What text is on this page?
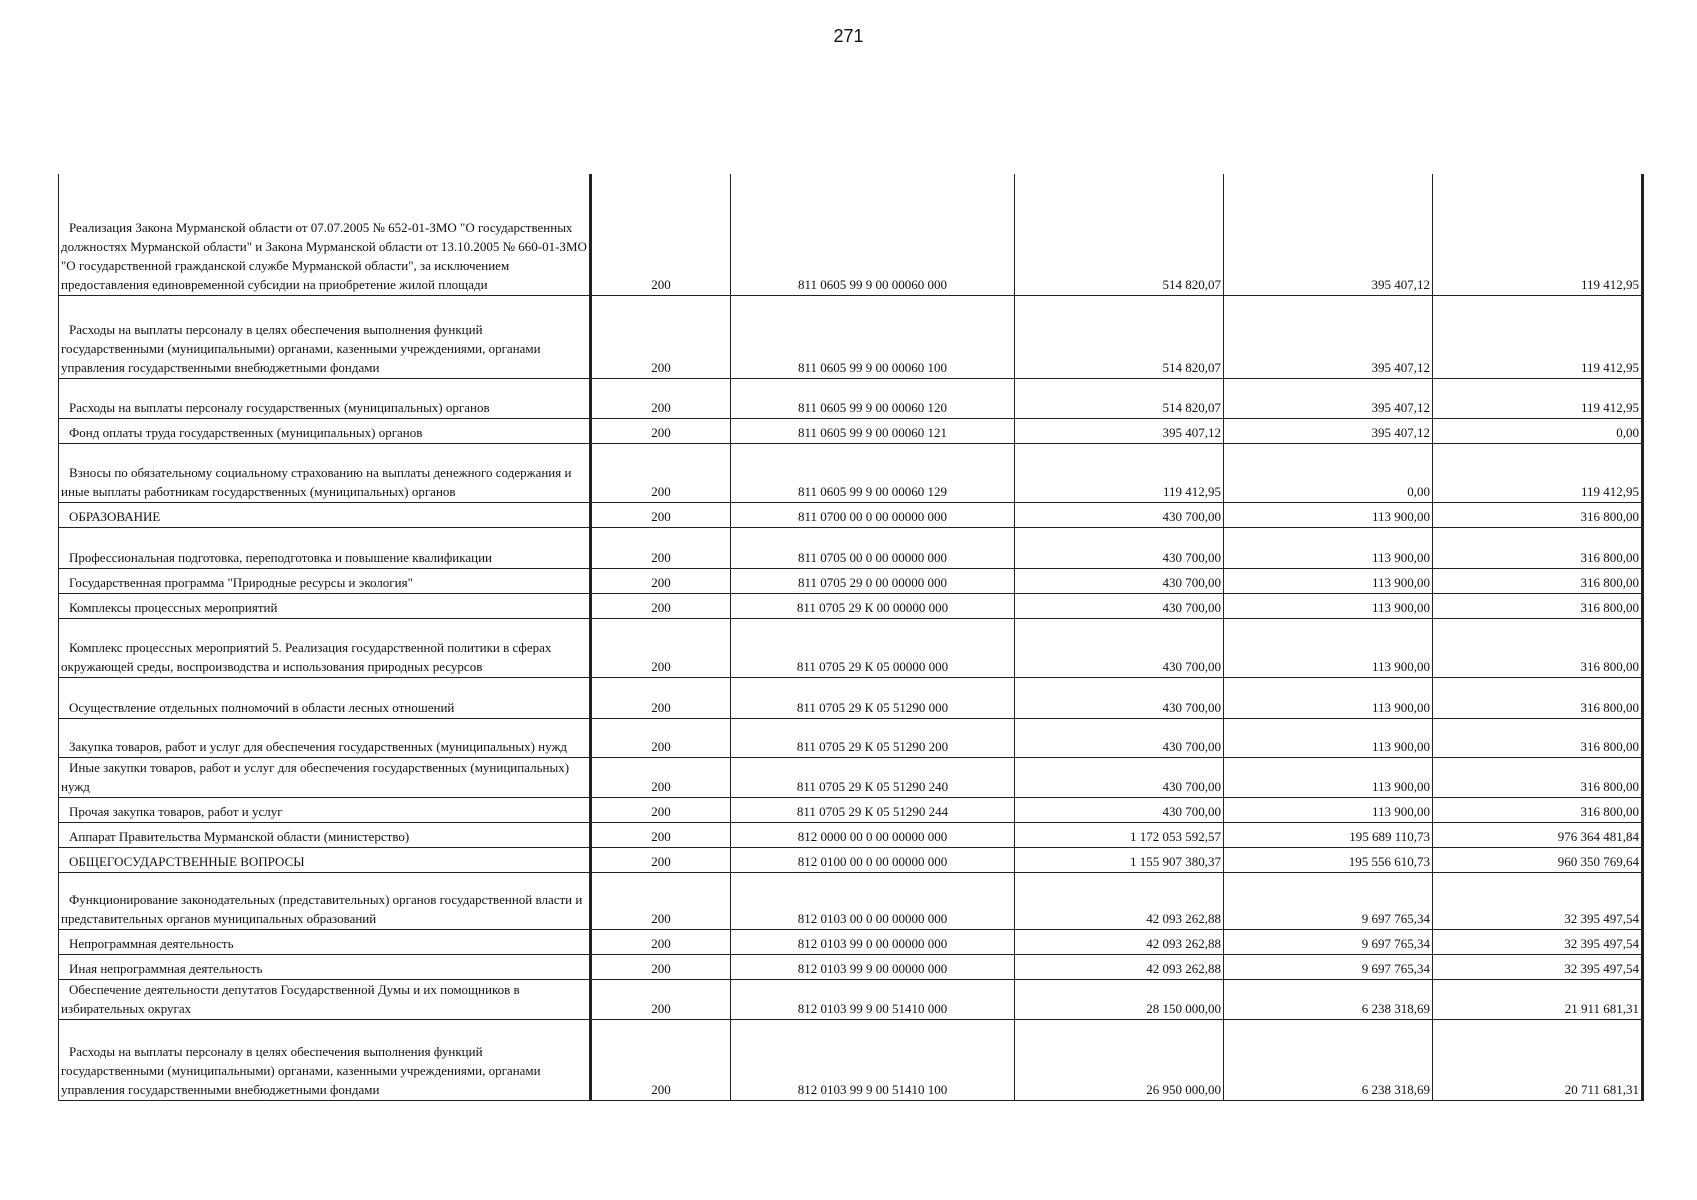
271
Реализация Закона Мурманской области от 07.07.2005 № 652-01-ЗМО "О государственных должностях Мурманской области" и Закона Мурманской области от 13.10.2005 № 660-01-ЗМО "О государственной гражданской службе Мурманской области", за исключением предоставления единовременной субсидии на приобретение жилой площади	200	811 0605 99 9 00 00060 000	514 820,07	395 407,12	119 412,95
Расходы на выплаты персоналу в целях обеспечения выполнения функций государственными (муниципальными) органами, казенными учреждениями, органами управления государственными внебюджетными фондами	200	811 0605 99 9 00 00060 100	514 820,07	395 407,12	119 412,95
Расходы на выплаты персоналу государственных (муниципальных) органов	200	811 0605 99 9 00 00060 120	514 820,07	395 407,12	119 412,95
Фонд оплаты труда государственных (муниципальных) органов	200	811 0605 99 9 00 00060 121	395 407,12	395 407,12	0,00
Взносы по обязательному социальному страхованию на выплаты денежного содержания и иные выплаты работникам государственных (муниципальных) органов	200	811 0605 99 9 00 00060 129	119 412,95	0,00	119 412,95
ОБРАЗОВАНИЕ	200	811 0700 00 0 00 00000 000	430 700,00	113 900,00	316 800,00
Профессиональная подготовка, переподготовка и повышение квалификации	200	811 0705 00 0 00 00000 000	430 700,00	113 900,00	316 800,00
Государственная программа "Природные ресурсы и экология"	200	811 0705 29 0 00 00000 000	430 700,00	113 900,00	316 800,00
Комплексы процессных мероприятий	200	811 0705 29 К 00 00000 000	430 700,00	113 900,00	316 800,00
Комплекс процессных мероприятий 5. Реализация государственной политики в сферах окружающей среды, воспроизводства и использования природных ресурсов	200	811 0705 29 К 05 00000 000	430 700,00	113 900,00	316 800,00
Осуществление отдельных полномочий в области лесных отношений	200	811 0705 29 К 05 51290 000	430 700,00	113 900,00	316 800,00
Закупка товаров, работ и услуг для обеспечения государственных (муниципальных) нужд	200	811 0705 29 К 05 51290 200	430 700,00	113 900,00	316 800,00
Иные закупки товаров, работ и услуг для обеспечения государственных (муниципальных) нужд	200	811 0705 29 К 05 51290 240	430 700,00	113 900,00	316 800,00
Прочая закупка товаров, работ и услуг	200	811 0705 29 К 05 51290 244	430 700,00	113 900,00	316 800,00
Аппарат Правительства Мурманской области (министерство)	200	812 0000 00 0 00 00000 000	1 172 053 592,57	195 689 110,73	976 364 481,84
ОБЩЕГОСУДАРСТВЕННЫЕ ВОПРОСЫ	200	812 0100 00 0 00 00000 000	1 155 907 380,37	195 556 610,73	960 350 769,64
Функционирование законодательных (представительных) органов государственной власти и представительных органов муниципальных образований	200	812 0103 00 0 00 00000 000	42 093 262,88	9 697 765,34	32 395 497,54
Непрограммная деятельность	200	812 0103 99 0 00 00000 000	42 093 262,88	9 697 765,34	32 395 497,54
Иная непрограммная деятельность	200	812 0103 99 9 00 00000 000	42 093 262,88	9 697 765,34	32 395 497,54
Обеспечение деятельности депутатов Государственной Думы и их помощников в избирательных округах	200	812 0103 99 9 00 51410 000	28 150 000,00	6 238 318,69	21 911 681,31
Расходы на выплаты персоналу в целях обеспечения выполнения функций государственными (муниципальными) органами, казенными учреждениями, органами управления государственными внебюджетными фондами	200	812 0103 99 9 00 51410 100	26 950 000,00	6 238 318,69	20 711 681,31
